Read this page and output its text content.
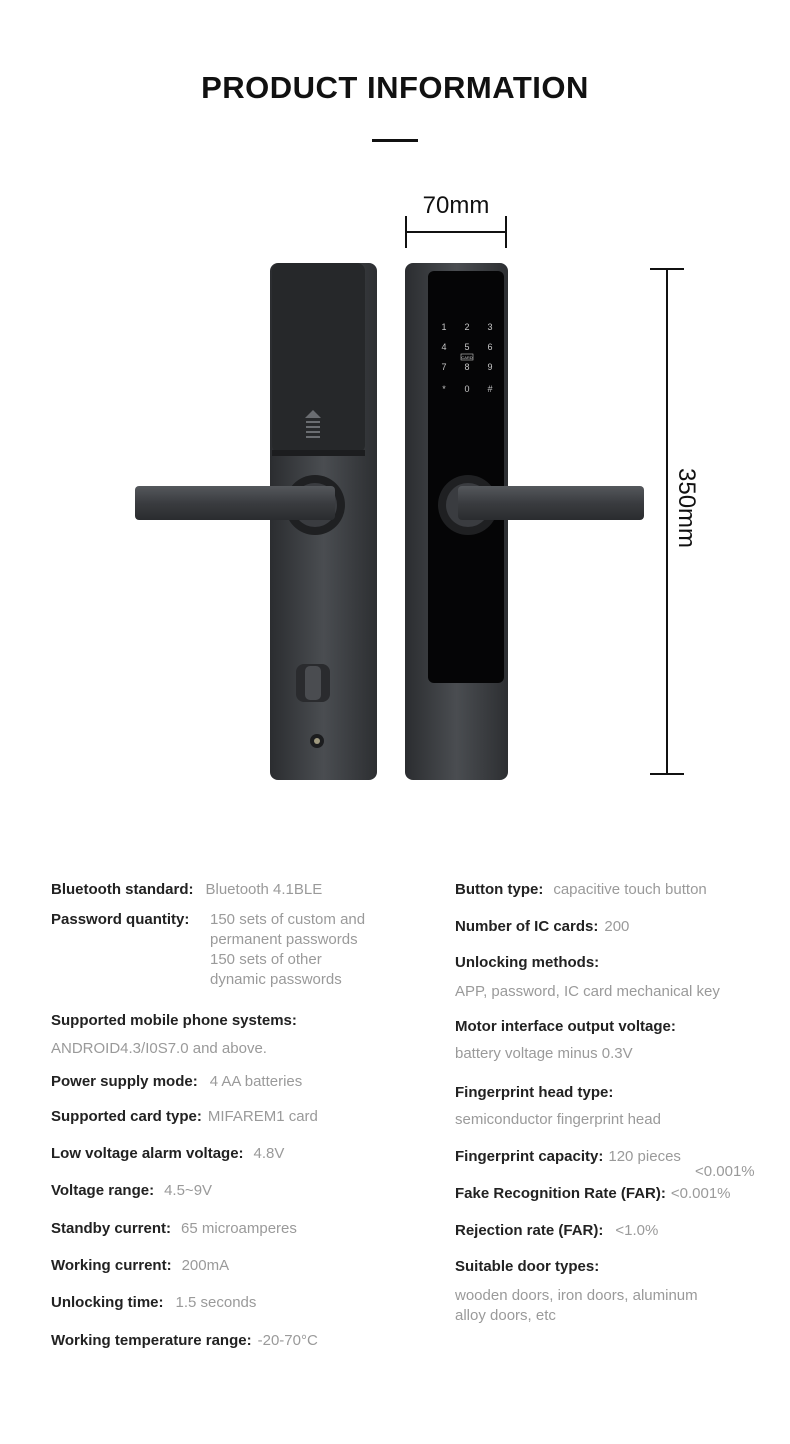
PRODUCT INFORMATION
1 2 3
4 5 6
7 8 9
* 0 #
CARD
70mm
350mm
Bluetooth standard: Bluetooth 4.1BLE
Password quantity: 150 sets of custom and
permanent passwords
150 sets of other
dynamic passwords
Supported mobile phone systems:
ANDROID4.3/I0S7.0 and above.
Power supply mode: 4 AA batteries
Supported card type: MIFAREM1 card
Low voltage alarm voltage: 4.8V
Voltage range: 4.5~9V
Standby current: 65 microamperes
Working current: 200mA
Unlocking time: 1.5 seconds
Working temperature range: -20-70°C
Button type: capacitive touch button
Number of IC cards: 200
Unlocking methods:
APP, password, IC card mechanical key
Motor interface output voltage:
battery voltage minus 0.3V
Fingerprint head type:
semiconductor fingerprint head
Fingerprint capacity: 120 pieces
<0.001%
Fake Recognition Rate (FAR): <0.001%
Rejection rate (FAR): <1.0%
Suitable door types:
wooden doors, iron doors, aluminum
alloy doors, etc
